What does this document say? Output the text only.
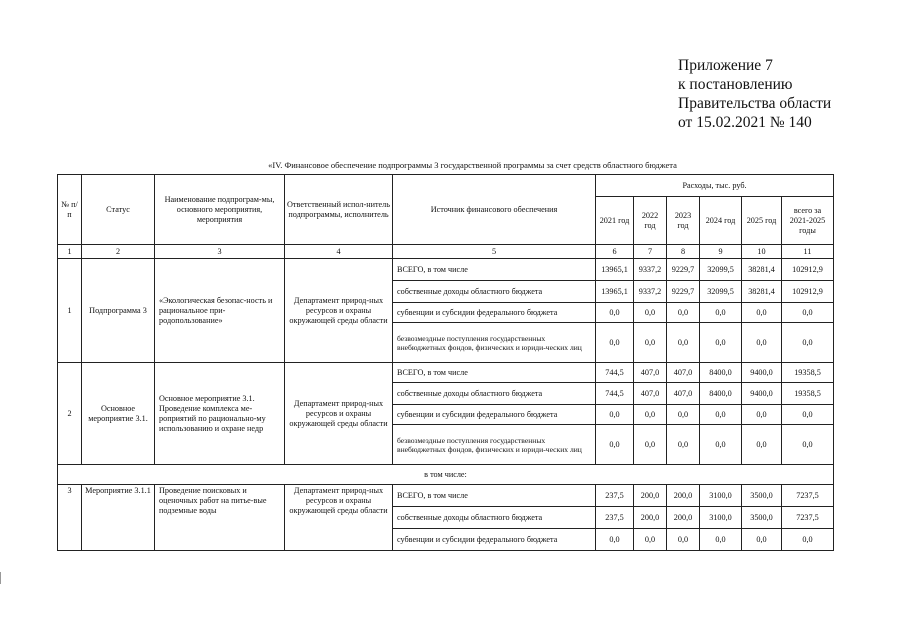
Приложение 7
к постановлению
Правительства области
от 15.02.2021 № 140
«IV. Финансовое обеспечение подпрограммы 3 государственной программы за счет средств областного бюджета
№ п/п	Статус	Наименование подпрограм-мы, основного мероприятия, мероприятия	Ответственный испол-нитель подпрограммы, исполнитель	Источник финансового обеспечения	Расходы, тыс. руб.					
					2021 год	2022 год	2023 год	2024 год	2025 год	всего за 2021-2025 годы
1	2	3	4	5	6	7	8	9	10	11
1	Подпрограмма 3	«Экологическая безопас-ность и рациональное при-родопользование»	Департамент природ-ных ресурсов и охраны окружающей среды области	ВСЕГО, в том числе	13965,1	9337,2	9229,7	32099,5	38281,4	102912,9
				собственные доходы областного бюджета	13965,1	9337,2	9229,7	32099,5	38281,4	102912,9
				субвенции и субсидии федерального бюджета	0,0	0,0	0,0	0,0	0,0	0,0
				безвозмездные поступления государственных внебюджетных фондов, физических и юриди-ческих лиц	0,0	0,0	0,0	0,0	0,0	0,0
2	Основное мероприятие 3.1.	Основное мероприятие 3.1. Проведение комплекса ме-роприятий по рационально-му использованию и охране недр	Департамент природ-ных ресурсов и охраны окружающей среды области	ВСЕГО, в том числе	744,5	407,0	407,0	8400,0	9400,0	19358,5
				собственные доходы областного бюджета	744,5	407,0	407,0	8400,0	9400,0	19358,5
				субвенции и субсидии федерального бюджета	0,0	0,0	0,0	0,0	0,0	0,0
				безвозмездные поступления государственных внебюджетных фондов, физических и юриди-ческих лиц	0,0	0,0	0,0	0,0	0,0	0,0
в том числе:										
3	Мероприятие 3.1.1	Проведение поисковых и оценочных работ на питье-вые подземные воды	Департамент природ-ных ресурсов и охраны окружающей среды области	ВСЕГО, в том числе	237,5	200,0	200,0	3100,0	3500,0	7237,5
				собственные доходы областного бюджета	237,5	200,0	200,0	3100,0	3500,0	7237,5
				субвенции и субсидии федерального бюджета	0,0	0,0	0,0	0,0	0,0	0,0
